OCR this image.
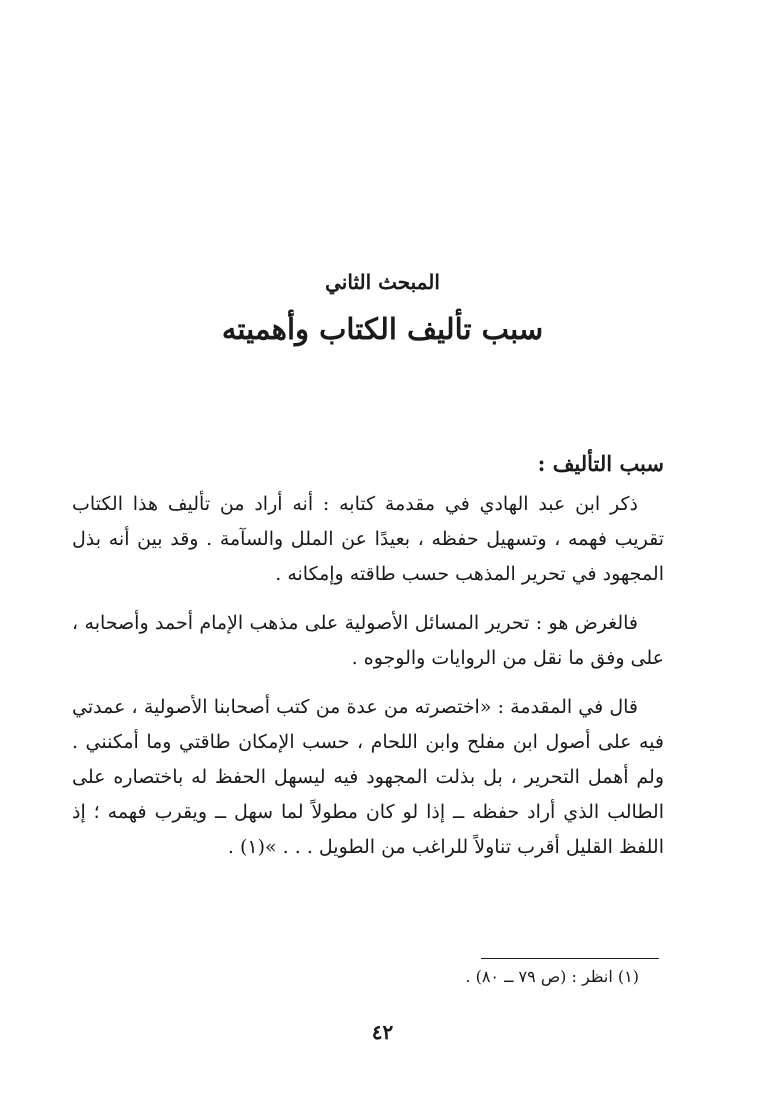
المبحث الثاني
سبب تأليف الكتاب وأهميته
سبب التأليف :

ذكر ابن عبد الهادي في مقدمة كتابه : أنه أراد من تأليف هذا الكتاب تقريب فهمه ، وتسهيل حفظه ، بعيدًا عن الملل والسآمة . وقد بين أنه بذل المجهود في تحرير المذهب حسب طاقته وإمكانه .

فالغرض هو : تحرير المسائل الأصولية على مذهب الإمام أحمد وأصحابه ، على وفق ما نقل من الروايات والوجوه .

قال في المقدمة : «اختصرته من عدة من كتب أصحابنا الأصولية ، عمدتي فيه على أصول ابن مفلح وابن اللحام ، حسب الإمكان طاقتي وما أمكنني . ولم أهمل التحرير ، بل بذلت المجهود فيه ليسهل الحفظ له باختصاره على الطالب الذي أراد حفظه ــ إذا لو كان مطولاً لما سهل ــ ويقرب فهمه ؛ إذ اللفظ القليل أقرب تناولاً للراغب من الطويل . . . »(١) .

(١) انظر : (ص ٧٩ ــ ٨٠) .
٤٢
